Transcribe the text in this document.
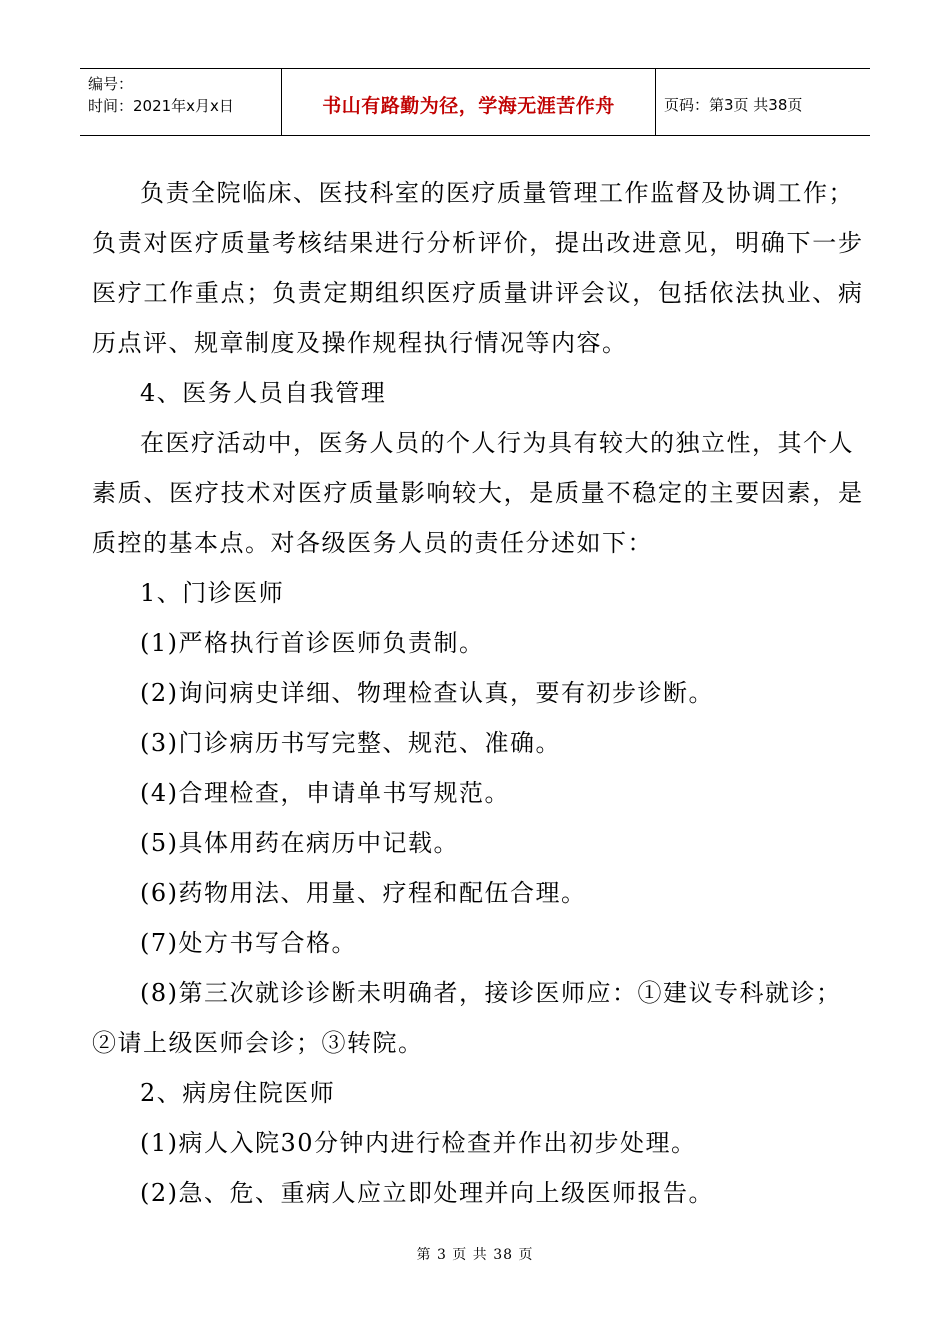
编号：
时间：2021年x月x日	书山有路勤为径，学海无涯苦作舟	页码：第3页 共38页
负责全院临床、医技科室的医疗质量管理工作监督及协调工作；
负责对医疗质量考核结果进行分析评价，提出改进意见，明确下一步
医疗工作重点；负责定期组织医疗质量讲评会议，包括依法执业、病
历点评、规章制度及操作规程执行情况等内容。
4、医务人员自我管理
在医疗活动中，医务人员的个人行为具有较大的独立性，其个人
素质、医疗技术对医疗质量影响较大，是质量不稳定的主要因素，是
质控的基本点。对各级医务人员的责任分述如下：
1、门诊医师
(1)严格执行首诊医师负责制。
(2)询问病史详细、物理检查认真，要有初步诊断。
(3)门诊病历书写完整、规范、准确。
(4)合理检查，申请单书写规范。
(5)具体用药在病历中记载。
(6)药物用法、用量、疗程和配伍合理。
(7)处方书写合格。
(8)第三次就诊诊断未明确者，接诊医师应：①建议专科就诊；
②请上级医师会诊；③转院。
2、病房住院医师
(1)病人入院30分钟内进行检查并作出初步处理。
(2)急、危、重病人应立即处理并向上级医师报告。
第 3 页 共 38 页
